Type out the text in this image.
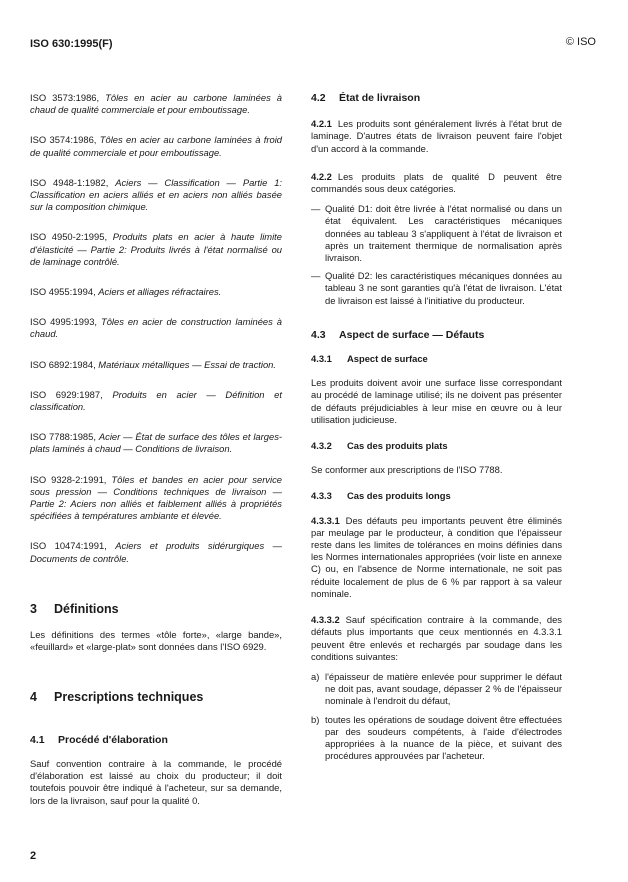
ISO 630:1995(F)	© ISO

ISO 3573:1986, Tôles en acier au carbone laminées à chaud de qualité commerciale et pour emboutissage.

ISO 3574:1986, Tôles en acier au carbone laminées à froid de qualité commerciale et pour emboutissage.

ISO 4948-1:1982, Aciers — Classification — Partie 1: Classification en aciers alliés et en aciers non alliés basée sur la composition chimique.

ISO 4950-2:1995, Produits plats en acier à haute limite d'élasticité — Partie 2: Produits livrés à l'état normalisé ou de laminage contrôlé.

ISO 4955:1994, Aciers et alliages réfractaires.

ISO 4995:1993, Tôles en acier de construction laminées à chaud.

ISO 6892:1984, Matériaux métalliques — Essai de traction.

ISO 6929:1987, Produits en acier — Définition et classification.

ISO 7788:1985, Acier — État de surface des tôles et larges-plats laminés à chaud — Conditions de livraison.

ISO 9328-2:1991, Tôles et bandes en acier pour service sous pression — Conditions techniques de livraison — Partie 2: Aciers non alliés et faiblement alliés à propriétés spécifiées à températures ambiante et élevée.

ISO 10474:1991, Aciers et produits sidérurgiques — Documents de contrôle.

3 Définitions

Les définitions des termes «tôle forte», «large bande», «feuillard» et «large-plat» sont données dans l'ISO 6929.

4 Prescriptions techniques

4.1 Procédé d'élaboration

Sauf convention contraire à la commande, le procédé d'élaboration est laissé au choix du producteur; il doit toutefois pouvoir être indiqué à l'acheteur, sur sa demande, lors de la livraison, sauf pour la qualité 0.

4.2 État de livraison

4.2.1 Les produits sont généralement livrés à l'état brut de laminage. D'autres états de livraison peuvent faire l'objet d'un accord à la commande.

4.2.2 Les produits plats de qualité D peuvent être commandés sous deux catégories.

— Qualité D1: doit être livrée à l'état normalisé ou dans un état équivalent. Les caractéristiques mécaniques données au tableau 3 s'appliquent à l'état de livraison et après un traitement thermique de normalisation après livraison.
— Qualité D2: les caractéristiques mécaniques données au tableau 3 ne sont garanties qu'à l'état de livraison. L'état de livraison est laissé à l'initiative du producteur.

4.3 Aspect de surface — Défauts

4.3.1 Aspect de surface

Les produits doivent avoir une surface lisse correspondant au procédé de laminage utilisé; ils ne doivent pas présenter de défauts préjudiciables à leur mise en œuvre ou à leur utilisation judicieuse.

4.3.2 Cas des produits plats

Se conformer aux prescriptions de l'ISO 7788.

4.3.3 Cas des produits longs

4.3.3.1 Des défauts peu importants peuvent être éliminés par meulage par le producteur, à condition que l'épaisseur reste dans les limites de tolérances en moins définies dans les Normes internationales appropriées (voir liste en annexe C) ou, en l'absence de Norme internationale, ne soit pas réduite localement de plus de 6 % par rapport à sa valeur nominale.

4.3.3.2 Sauf spécification contraire à la commande, des défauts plus importants que ceux mentionnés en 4.3.3.1 peuvent être enlevés et rechargés par soudage dans les conditions suivantes:

a) l'épaisseur de matière enlevée pour supprimer le défaut ne doit pas, avant soudage, dépasser 2 % de l'épaisseur nominale à l'endroit du défaut,
b) toutes les opérations de soudage doivent être effectuées par des soudeurs compétents, à l'aide d'électrodes appropriées à la nuance de la pièce, et suivant des procédures approuvées par l'acheteur.
2
